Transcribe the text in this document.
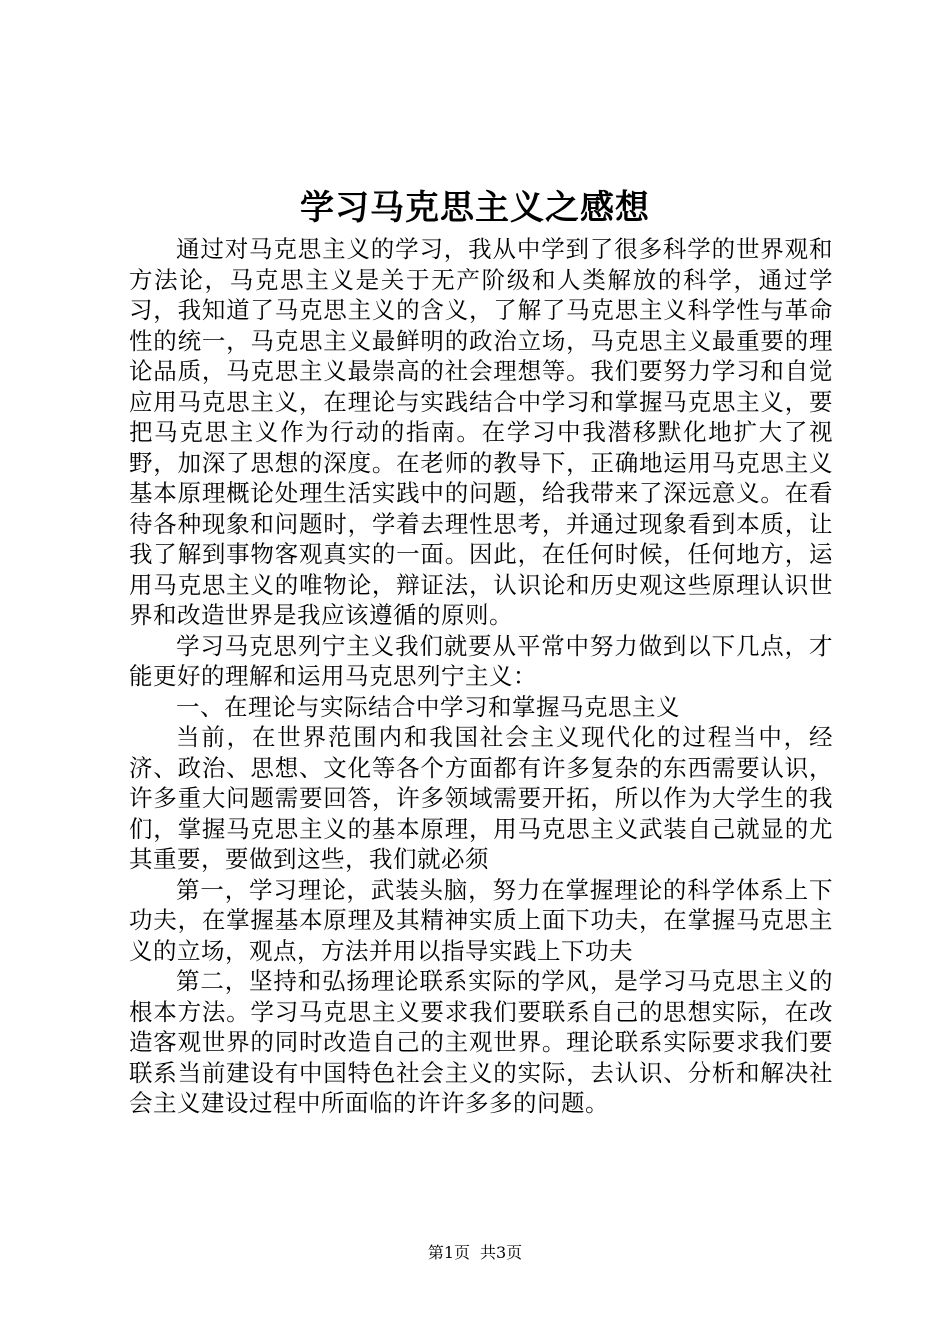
学习马克思主义之感想

通过对马克思主义的学习，我从中学到了很多科学的世界观和方法论，马克思主义是关于无产阶级和人类解放的科学，通过学习，我知道了马克思主义的含义，了解了马克思主义科学性与革命性的统一，马克思主义最鲜明的政治立场，马克思主义最重要的理论品质，马克思主义最崇高的社会理想等。我们要努力学习和自觉应用马克思主义，在理论与实践结合中学习和掌握马克思主义，要把马克思主义作为行动的指南。在学习中我潜移默化地扩大了视野，加深了思想的深度。在老师的教导下，正确地运用马克思主义基本原理概论处理生活实践中的问题，给我带来了深远意义。在看待各种现象和问题时，学着去理性思考，并通过现象看到本质，让我了解到事物客观真实的一面。因此，在任何时候，任何地方，运用马克思主义的唯物论，辩证法，认识论和历史观这些原理认识世界和改造世界是我应该遵循的原则。

学习马克思列宁主义我们就要从平常中努力做到以下几点，才能更好的理解和运用马克思列宁主义：

一、在理论与实际结合中学习和掌握马克思主义

当前，在世界范围内和我国社会主义现代化的过程当中，经济、政治、思想、文化等各个方面都有许多复杂的东西需要认识，许多重大问题需要回答，许多领域需要开拓，所以作为大学生的我们，掌握马克思主义的基本原理，用马克思主义武装自己就显的尤其重要，要做到这些，我们就必须

第一，学习理论，武装头脑，努力在掌握理论的科学体系上下功夫，在掌握基本原理及其精神实质上面下功夫，在掌握马克思主义的立场，观点，方法并用以指导实践上下功夫

第二，坚持和弘扬理论联系实际的学风，是学习马克思主义的根本方法。学习马克思主义要求我们要联系自己的思想实际，在改造客观世界的同时改造自己的主观世界。理论联系实际要求我们要联系当前建设有中国特色社会主义的实际，去认识、分析和解决社会主义建设过程中所面临的许许多多的问题。

第1页 共3页
